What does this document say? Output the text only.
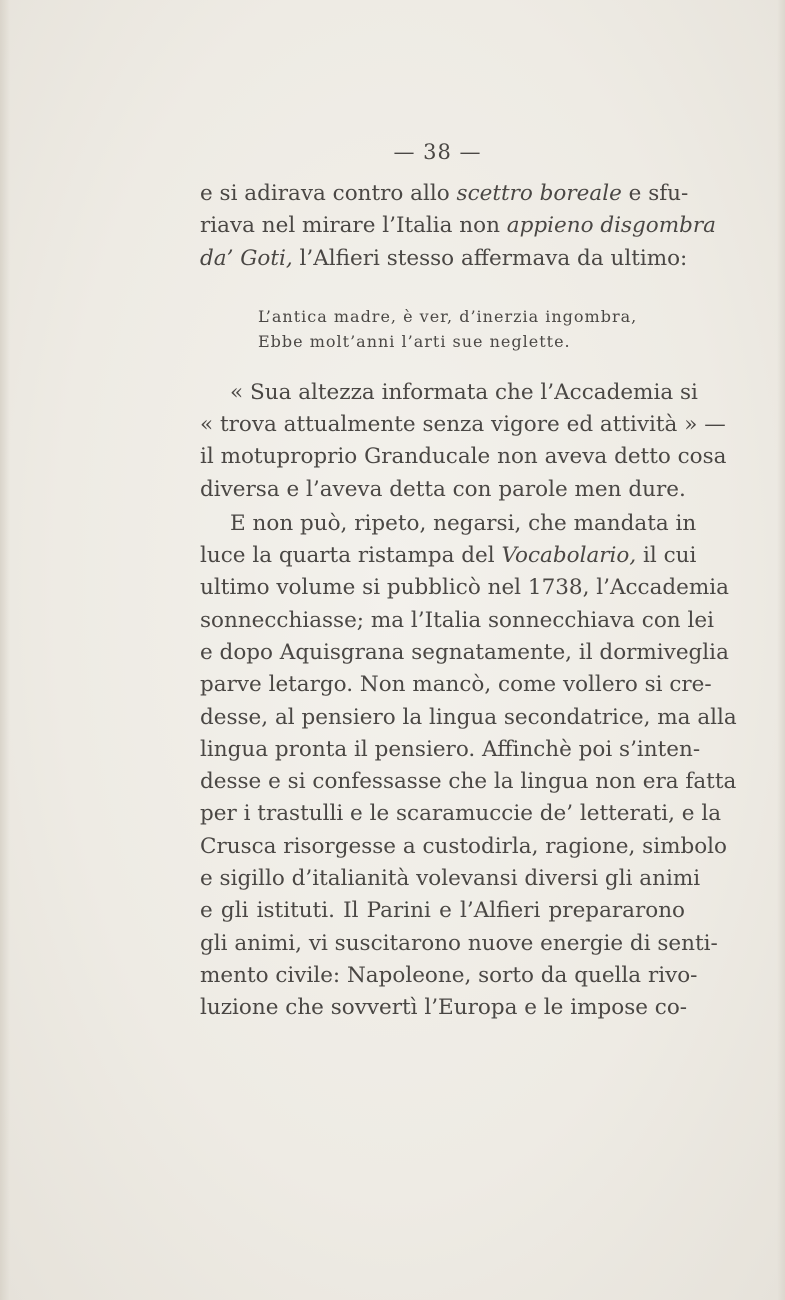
— 38 —
e si adirava contro allo scettro boreale e sfu-
riava nel mirare l’Italia non appieno disgombra
da’ Goti, l’Alfieri stesso affermava da ultimo:
L’antica madre, è ver, d’inerzia ingombra,
Ebbe molt’anni l’arti sue neglette.
« Sua altezza informata che l’Accademia si
« trova attualmente senza vigore ed attività » —
il motuproprio Granducale non aveva detto cosa
diversa e l’aveva detta con parole men dure.
E non può, ripeto, negarsi, che mandata in
luce la quarta ristampa del Vocabolario, il cui
ultimo volume si pubblicò nel 1738, l’Accademia
sonnecchiasse; ma l’Italia sonnecchiava con lei
e dopo Aquisgrana segnatamente, il dormiveglia
parve letargo. Non mancò, come vollero si cre-
desse, al pensiero la lingua secondatrice, ma alla
lingua pronta il pensiero. Affinchè poi s’inten-
desse e si confessasse che la lingua non era fatta
per i trastulli e le scaramuccie de’ letterati, e la
Crusca risorgesse a custodirla, ragione, simbolo
e sigillo d’italianità volevansi diversi gli animi
e gli istituti. Il Parini e l’Alfieri prepararono
gli animi, vi suscitarono nuove energie di senti-
mento civile: Napoleone, sorto da quella rivo-
luzione che sovvertì l’Europa e le impose co-
